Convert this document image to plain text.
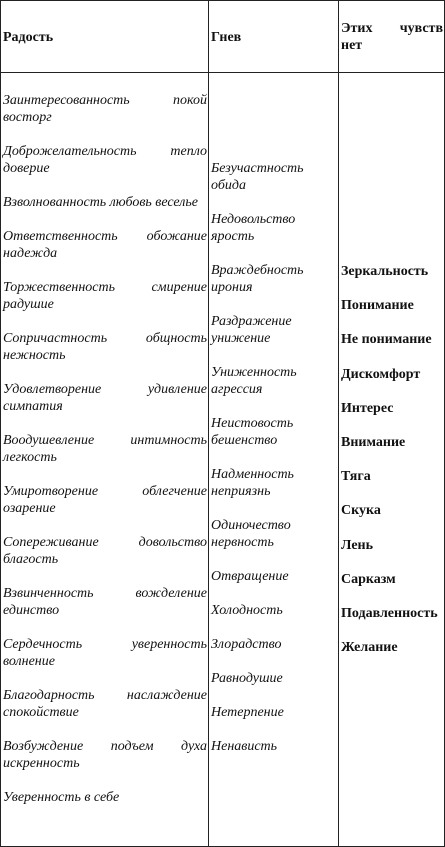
Радость	Гнев
Этих чувств нет
Заинтересованность покой восторг
Доброжелательность тепло доверие
Взволнованность любовь веселье
Ответственность обожание надежда
Торжественность смирение радушие
Сопричастность общность нежность
Удовлетворение удивление симпатия
Воодушевление интимность легкость
Умиротворение облегчение озарение
Сопереживание довольство благость
Взвинченность вожделение единство
Сердечность уверенность волнение
Благодарность наслаждение спокойствие
Возбуждение подъем духа искренность
Уверенность в себе
Безучастность обида
Недовольство ярость
Враждебность ирония
Раздражение унижение
Униженность агрессия
Неистовость бешенство
Надменность неприязнь
Одиночество нервность
Отвращение
Холодность
Злорадство
Равнодушие
Нетерпение
Ненависть
Зеркальность
Понимание
Не понимание
Дискомфорт
Интерес
Внимание
Тяга
Скука
Лень
Сарказм
Подавленность
Желание
